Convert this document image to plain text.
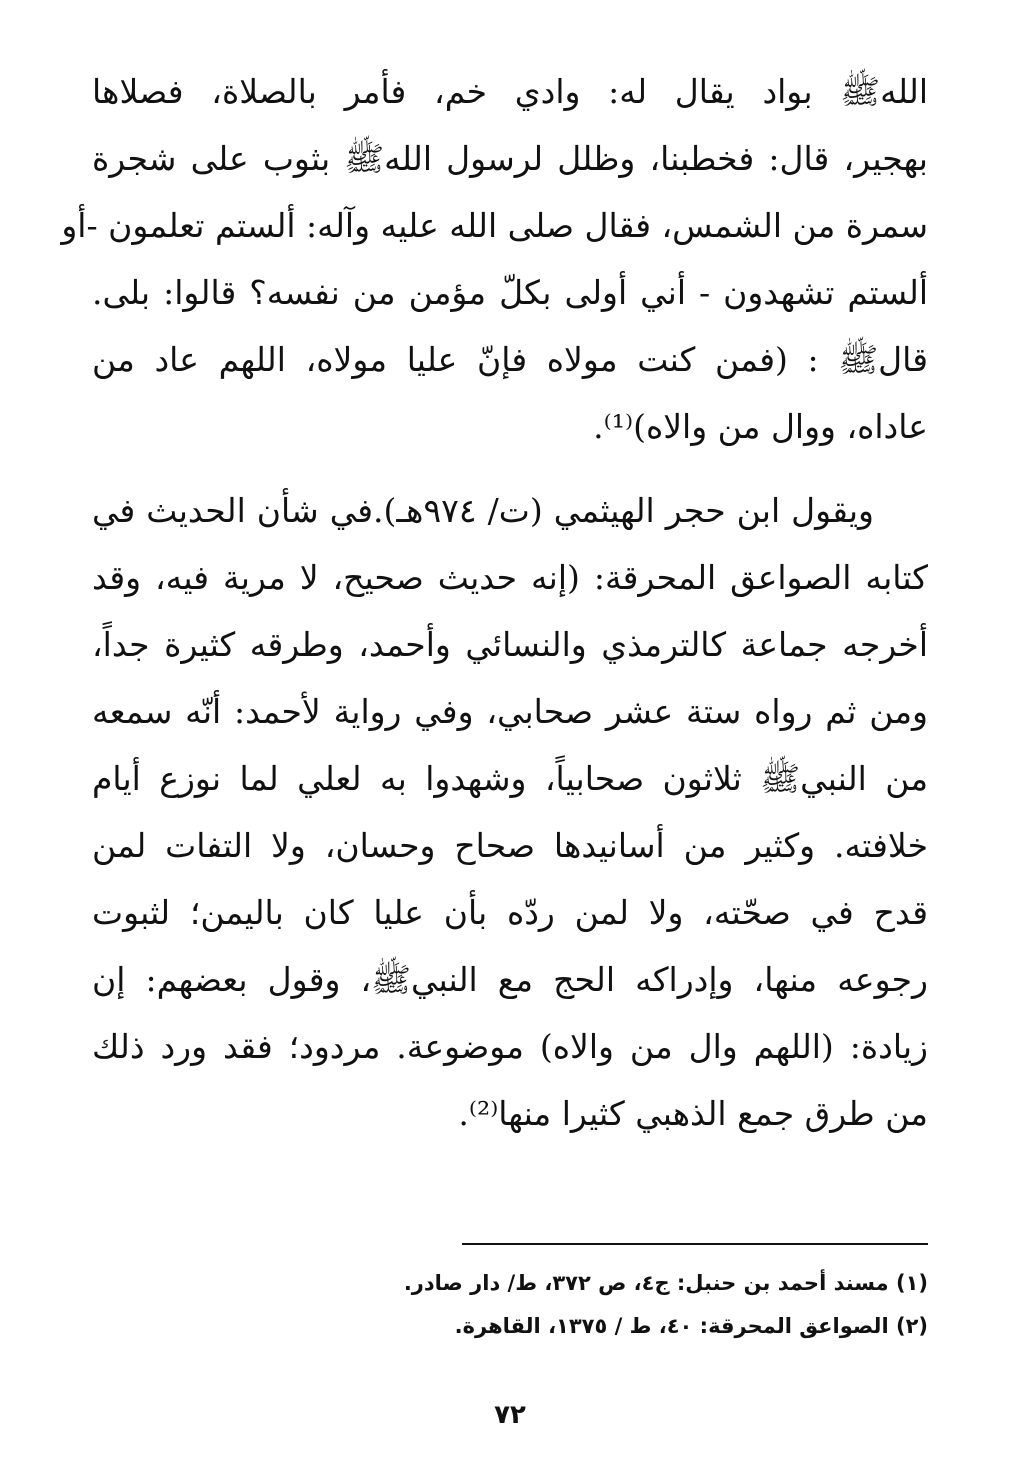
اللهﷺ بواد يقال له: وادي خم، فأمر بالصلاة، فصلاها
بهجير، قال: فخطبنا، وظلل لرسول اللهﷺ بثوب على شجرة
سمرة من الشمس، فقال صلى الله عليه وآله: ألستم تعلمون -أو
ألستم تشهدون - أني أولى بكلّ مؤمن من نفسه؟ قالوا: بلى.
قالﷺ : (فمن كنت مولاه فإنّ عليا مولاه، اللهم عاد من
عاداه، ووال من والاه)⁽¹⁾.
ويقول ابن حجر الهيثمي (ت/ ٩٧٤هـ).في شأن الحديث في
كتابه الصواعق المحرقة: (إنه حديث صحيح، لا مرية فيه، وقد
أخرجه جماعة كالترمذي والنسائي وأحمد، وطرقه كثيرة جداً،
ومن ثم رواه ستة عشر صحابي، وفي رواية لأحمد: أنّه سمعه
من النبيﷺ ثلاثون صحابياً، وشهدوا به لعلي لما نوزع أيام
خلافته. وكثير من أسانيدها صحاح وحسان، ولا التفات لمن
قدح في صحّته، ولا لمن ردّه بأن عليا كان باليمن؛ لثبوت
رجوعه منها، وإدراكه الحج مع النبيﷺ، وقول بعضهم: إن
زيادة: (اللهم وال من والاه) موضوعة. مردود؛ فقد ورد ذلك
من طرق جمع الذهبي كثيرا منها⁽²⁾.
(١) مسند أحمد بن حنبل: ج٤، ص ٣٧٢، ط/ دار صادر.
(٢) الصواعق المحرقة: ٤٠، ط / ١٣٧٥، القاهرة.
٧٢
